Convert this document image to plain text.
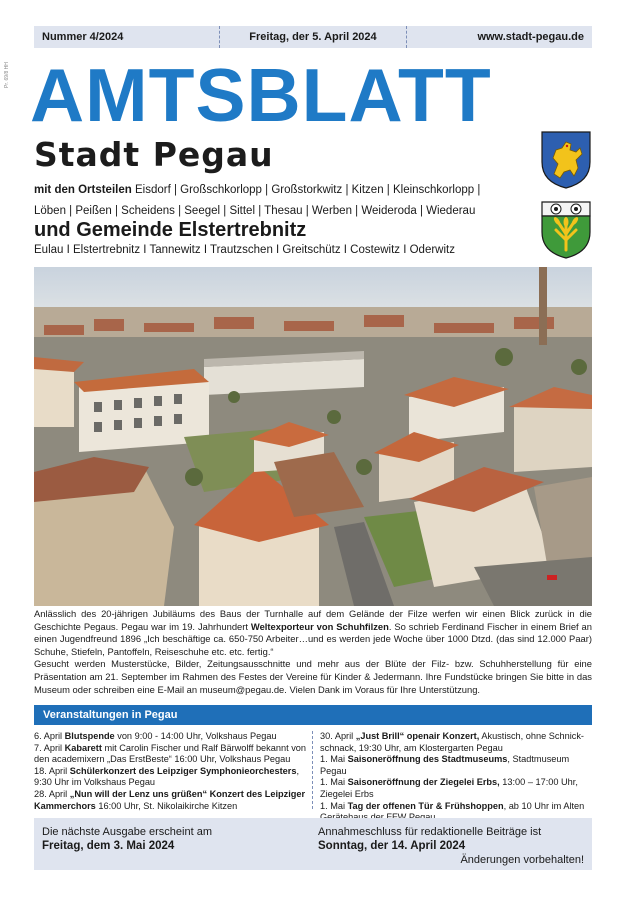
Pr. 69/8 HH
Nummer 4/2024	Freitag, der 5. April 2024	www.stadt-pegau.de
AMTSBLATT
Stadt Pegau
mit den Ortsteilen Eisdorf | Großschkorlopp | Großstorkwitz | Kitzen | Kleinschkorlopp |
Löben | Peißen | Scheidens | Seegel | Sittel | Thesau | Werben | Weideroda | Wiederau
und Gemeinde Elstertrebnitz
Eulau I Elstertrebnitz I Tannewitz I Trautzschen I Greitschütz I Costewitz I Oderwitz
Anlässlich des 20-jährigen Jubiläums des Baus der Turnhalle auf dem Gelände der Filze werfen wir einen Blick zurück in die Geschichte Pegaus. Pegau war im 19. Jahrhundert Weltexporteur von Schuhfilzen. So schrieb Ferdinand Fischer in einem Brief an einen Jugendfreund 1896 „Ich beschäftige ca. 650-750 Arbeiter…und es werden jede Woche über 1000 Dtzd. (das sind 12.000 Paar) Schuhe, Stiefeln, Pantoffeln, Reiseschuhe etc. etc. fertig.“
Gesucht werden Musterstücke, Bilder, Zeitungsausschnitte und mehr aus der Blüte der Filz- bzw. Schuhherstellung für eine Präsentation am 21. September im Rahmen des Festes der Vereine für Kinder & Jedermann. Ihre Fundstücke bringen Sie bitte in das Museum oder schreiben eine E-Mail an museum@pegau.de. Vielen Dank im Voraus für Ihre Unterstützung.
Veranstaltungen in Pegau
6. April Blutspende von 9:00 - 14:00 Uhr, Volkshaus Pegau
7. April Kabarett mit Carolin Fischer und Ralf Bärwolff bekannt von den academixern „Das ErstBeste“ 16:00 Uhr, Volkshaus Pegau
18. April Schülerkonzert des Leipziger Symphonieorchesters, 9:30 Uhr im Volkshaus Pegau
28. April „Nun will der Lenz uns grüßen“ Konzert des Leipziger Kammerchors 16:00 Uhr, St. Nikolaikirche Kitzen
30. April „Just Brill“ openair Konzert, Akustisch, ohne Schnick-schnack, 19:30 Uhr, am Klostergarten Pegau
1. Mai Saisoneröffnung des Stadtmuseums, Stadtmuseum Pegau
1. Mai Saisoneröffnung der Ziegelei Erbs, 13:00 – 17:00 Uhr, Ziegelei Erbs
1. Mai Tag der offenen Tür & Frühshoppen, ab 10 Uhr im Alten
Die nächste Ausgabe erscheint am
Freitag, dem 3. Mai 2024
Annahmeschluss für redaktionelle Beiträge ist
Sonntag, der 14. April 2024
Änderungen vorbehalten!
